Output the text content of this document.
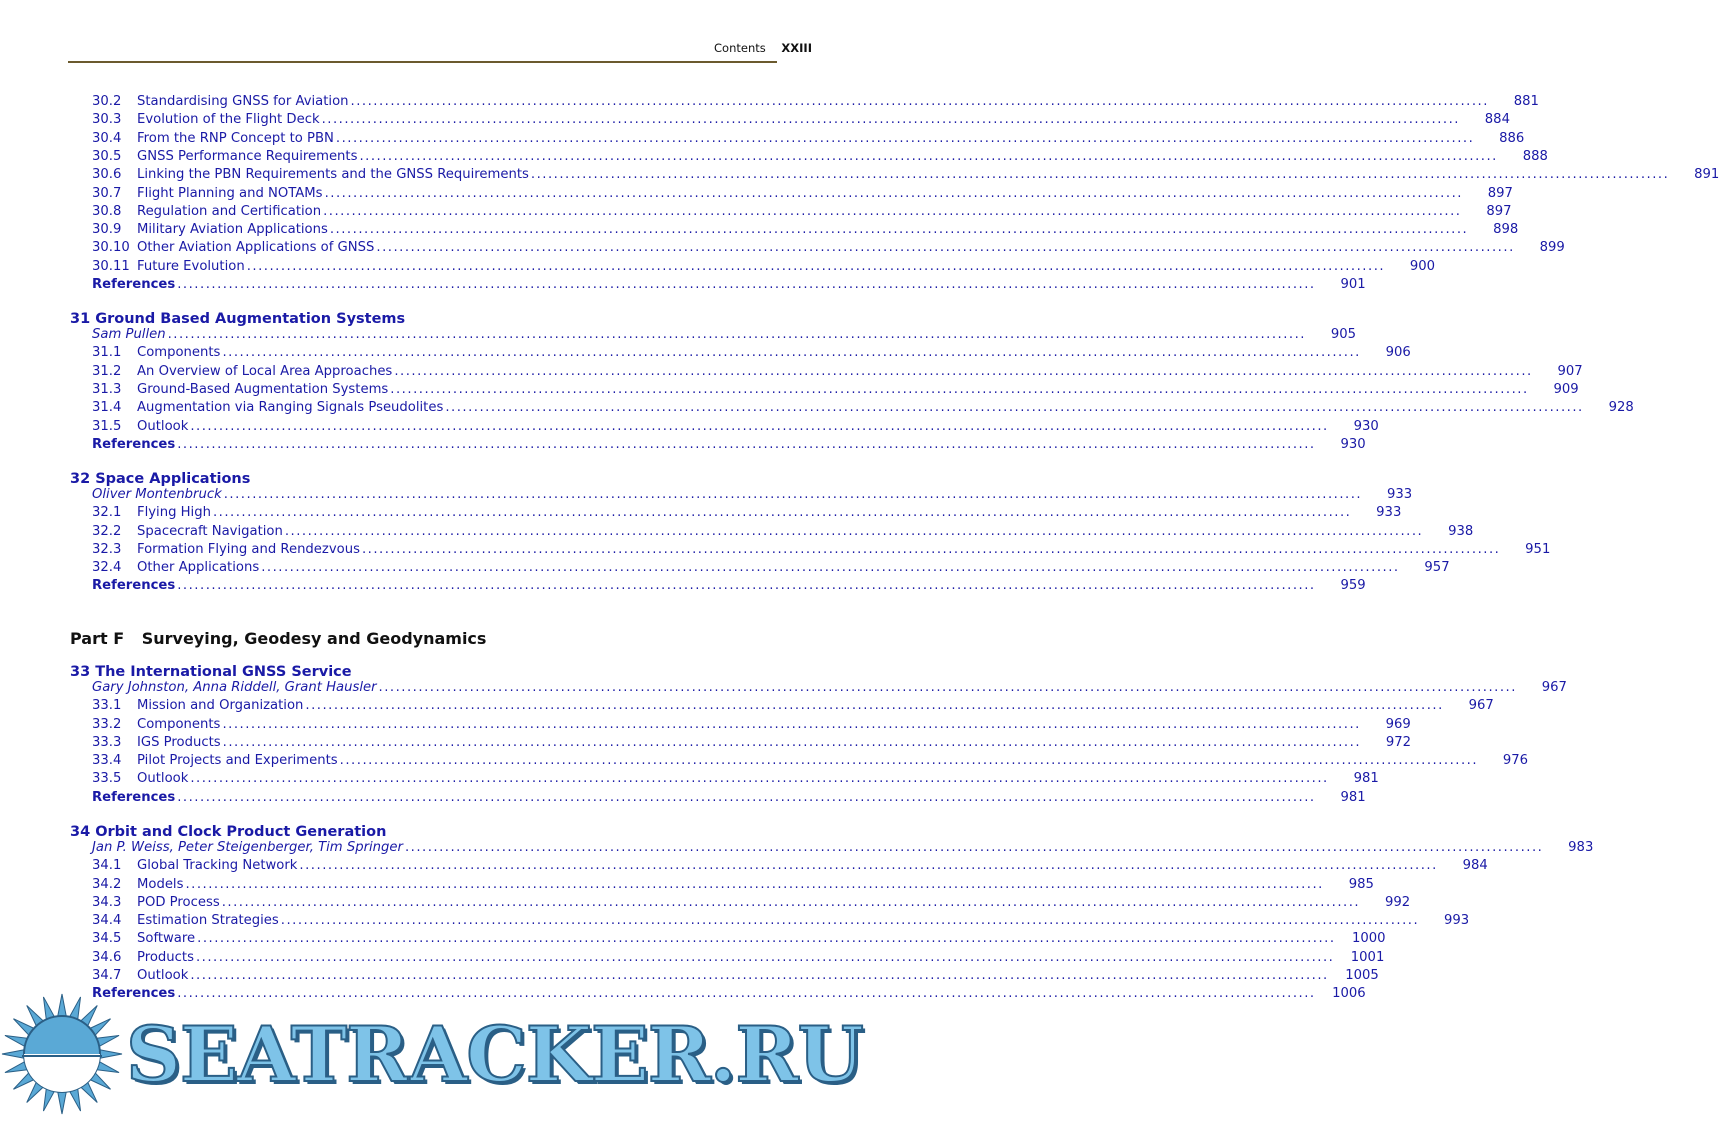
Contents XXIII
30.2	Standardising GNSS for Aviation ........................................................................................................................................................................................................	881
30.3	Evolution of the Flight Deck ........................................................................................................................................................................................................	884
30.4	From the RNP Concept to PBN ........................................................................................................................................................................................................	886
30.5	GNSS Performance Requirements ........................................................................................................................................................................................................	888
30.6	Linking the PBN Requirements and the GNSS Requirements ........................................................................................................................................................................................................	891
30.7	Flight Planning and NOTAMs ........................................................................................................................................................................................................	897
30.8	Regulation and Certification ........................................................................................................................................................................................................	897
30.9	Military Aviation Applications ........................................................................................................................................................................................................	898
30.10 Other Aviation Applications of GNSS ........................................................................................................................................................................................................	899
30.11 Future Evolution ........................................................................................................................................................................................................	900
References ........................................................................................................................................................................................................	901
31 Ground Based Augmentation Systems
Sam Pullen ........................................................................................................................................................................................................	905
31.1	Components ........................................................................................................................................................................................................	906
31.2	An Overview of Local Area Approaches ........................................................................................................................................................................................................	907
31.3	Ground-Based Augmentation Systems ........................................................................................................................................................................................................	909
31.4	Augmentation via Ranging Signals Pseudolites ........................................................................................................................................................................................................	928
31.5	Outlook ........................................................................................................................................................................................................	930
References ........................................................................................................................................................................................................	930
32 Space Applications
Oliver Montenbruck ........................................................................................................................................................................................................	933
32.1	Flying High ........................................................................................................................................................................................................	933
32.2	Spacecraft Navigation ........................................................................................................................................................................................................	938
32.3	Formation Flying and Rendezvous ........................................................................................................................................................................................................	951
32.4	Other Applications ........................................................................................................................................................................................................	957
References ........................................................................................................................................................................................................	959
33 The International GNSS Service
Gary Johnston, Anna Riddell, Grant Hausler ........................................................................................................................................................................................................	967
33.1	Mission and Organization ........................................................................................................................................................................................................	967
33.2	Components ........................................................................................................................................................................................................	969
33.3	IGS Products ........................................................................................................................................................................................................	972
33.4	Pilot Projects and Experiments ........................................................................................................................................................................................................	976
33.5	Outlook ........................................................................................................................................................................................................	981
References ........................................................................................................................................................................................................	981
34 Orbit and Clock Product Generation
Jan P. Weiss, Peter Steigenberger, Tim Springer ........................................................................................................................................................................................................	983
34.1	Global Tracking Network ........................................................................................................................................................................................................	984
34.2	Models ........................................................................................................................................................................................................	985
34.3	POD Process ........................................................................................................................................................................................................	992
34.4	Estimation Strategies ........................................................................................................................................................................................................	993
34.5	Software ........................................................................................................................................................................................................ 1000
34.6	Products ........................................................................................................................................................................................................ 1001
34.7	Outlook ........................................................................................................................................................................................................ 1005
References ........................................................................................................................................................................................................ 1006
Part F Surveying, Geodesy and Geodynamics
SEATRACKER.RU
